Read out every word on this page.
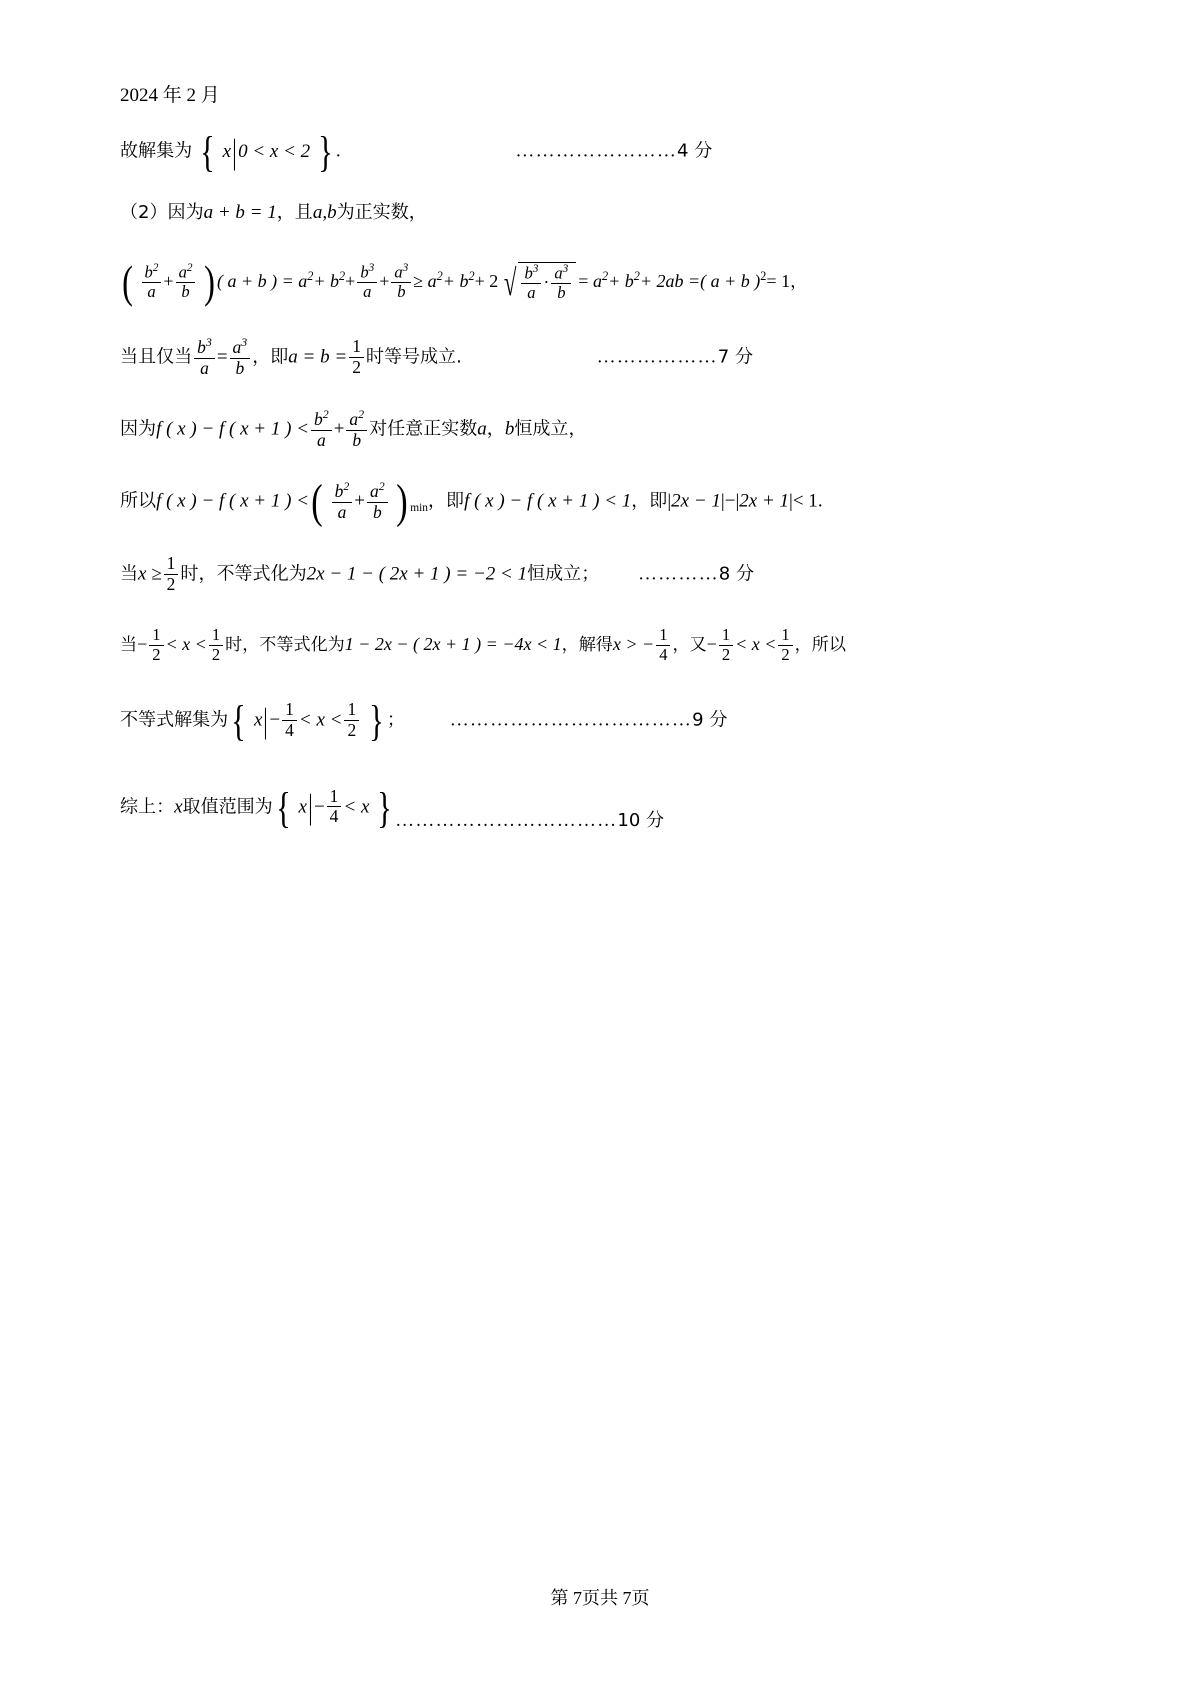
2024 年 2 月
故解集为 { x|0 < x < 2 } .	……………………4 分
（2）因为a + b = 1，且a,b为正实数，
( $\frac{b^2}{a} + \frac{a^2}{b}$ ) ( a + b ) = $a^2+ b^2+ \frac{b^3}{a} + \frac{a^3}{b} \ge a^2+ b^2+ 2$ √ $\frac{b^3}{a} \cdot \frac{a^3}{b} = a^2+ b^2+ 2ab$ =( a + b )$^2$= 1，
当且仅当 $\frac{b^3}{a} = \frac{a^3}{b}$ ，即$a = b = \frac{1}{2}$ 时等号成立.	………………7 分
因为f ( x ) − f ( x + 1 ) < $\frac{b^2}{a} + \frac{a^2}{b}$ 对任意正实数a，b恒成立，
所以f ( x ) − f ( x + 1 ) <( $\frac{b^2}{a} + \frac{a^2}{b}$ ) $_{min}$，即f ( x ) − f ( x + 1 ) < 1，即|2x − 1|−|2x + 1|< 1.
当$x \ge \frac{1}{2}$ 时，不等式化为2x − 1 − ( 2x + 1 ) = −2 < 1恒成立； …………8 分
当− $\frac{1}{2} < x < \frac{1}{2}$ 时，不等式化为1 − 2x − ( 2x + 1 ) = −4x < 1，解得x > − $\frac{1}{4}$ ，又− $\frac{1}{2} < x < \frac{1}{2}$ ，所以
不等式解集为{ $x|- \frac{1}{4} < x < \frac{1}{2}$ } ； ………………………………9 分
综上：x取值范围为{ $x|- \frac{1}{4} < x$ } ……………………………10 分
第 7页共 7页
